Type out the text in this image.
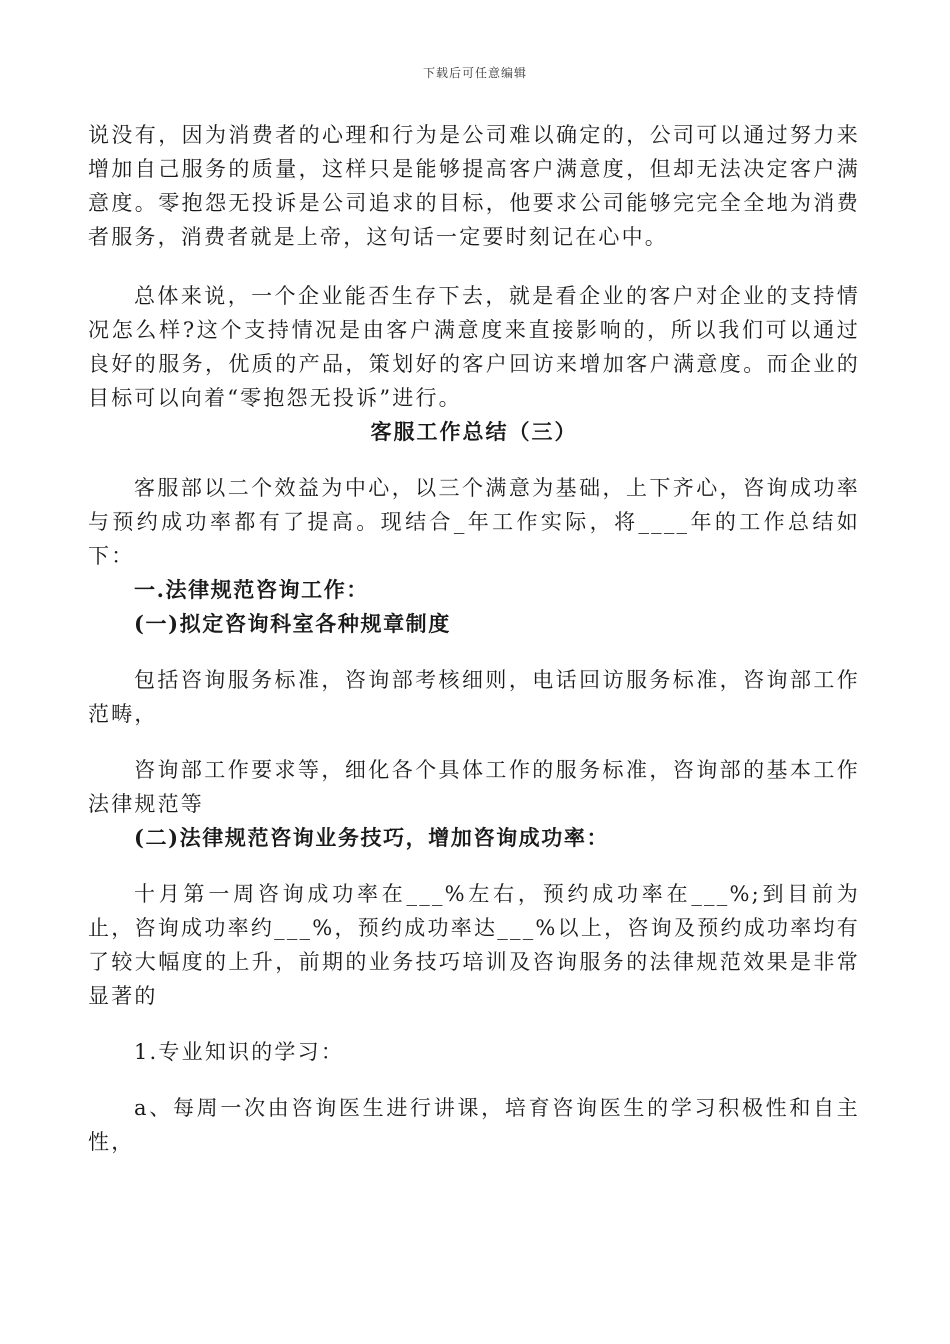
下载后可任意编辑

说没有，因为消费者的心理和行为是公司难以确定的，公司可以通过努力来增加自己服务的质量，这样只是能够提高客户满意度，但却无法决定客户满意度。零抱怨无投诉是公司追求的目标，他要求公司能够完完全全地为消费者服务，消费者就是上帝，这句话一定要时刻记在心中。

总体来说，一个企业能否生存下去，就是看企业的客户对企业的支持情况怎么样?这个支持情况是由客户满意度来直接影响的，所以我们可以通过良好的服务，优质的产品，策划好的客户回访来增加客户满意度。而企业的目标可以向着“零抱怨无投诉”进行。

客服工作总结（三）

客服部以二个效益为中心，以三个满意为基础，上下齐心，咨询成功率与预约成功率都有了提高。现结合_年工作实际，将____年的工作总结如下：

一.法律规范咨询工作：

(一)拟定咨询科室各种规章制度

包括咨询服务标准，咨询部考核细则，电话回访服务标准，咨询部工作范畴，

咨询部工作要求等，细化各个具体工作的服务标准，咨询部的基本工作法律规范等

(二)法律规范咨询业务技巧，增加咨询成功率：

十月第一周咨询成功率在___%左右，预约成功率在___%;到目前为止，咨询成功率约___%，预约成功率达___%以上，咨询及预约成功率均有了较大幅度的上升，前期的业务技巧培训及咨询服务的法律规范效果是非常显著的

1.专业知识的学习：

a、每周一次由咨询医生进行讲课，培育咨询医生的学习积极性和自主性，
